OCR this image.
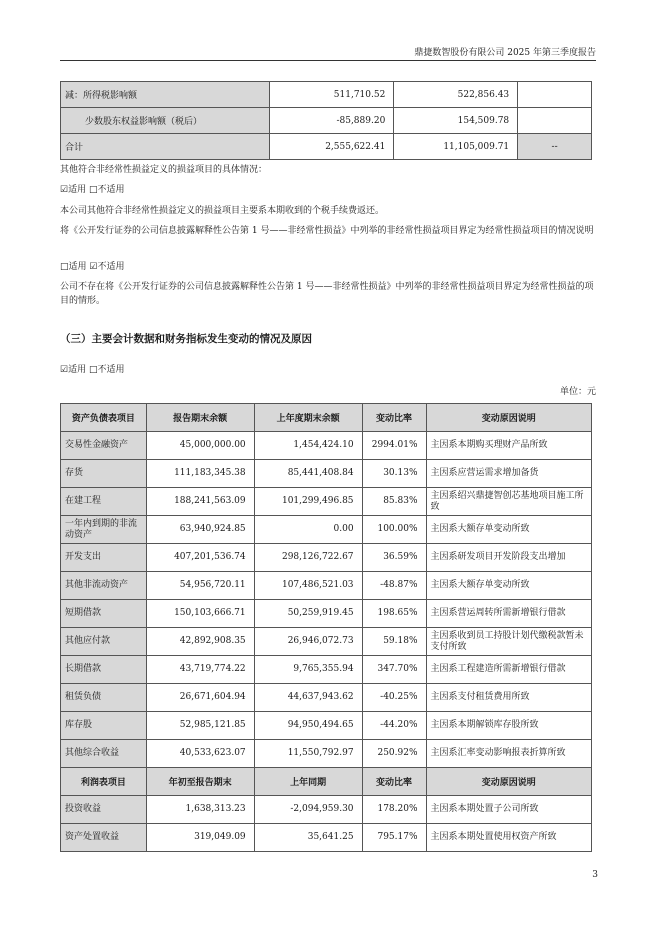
鼎捷数智股份有限公司 2025 年第三季度报告
减：所得税影响额	511,710.52	522,856.43	
少数股东权益影响额（税后）	-85,889.20	154,509.78	
合计	2,555,622.41	11,105,009.71	--
其他符合非经常性损益定义的损益项目的具体情况：
☑适用 □不适用
本公司其他符合非经常性损益定义的损益项目主要系本期收到的个税手续费返还。
将《公开发行证券的公司信息披露解释性公告第 1 号——非经常性损益》中列举的非经常性损益项目界定为经常性损益项目的情况说明
□适用 ☑不适用
公司不存在将《公开发行证券的公司信息披露解释性公告第 1 号——非经常性损益》中列举的非经常性损益项目界定为经常性损益的项目的情形。
（三）主要会计数据和财务指标发生变动的情况及原因
☑适用 □不适用
单位：元
资产负债表项目	报告期末余额	上年度期末余额	变动比率	变动原因说明
交易性金融资产	45,000,000.00	1,454,424.10	2994.01%	主因系本期购买理财产品所致
存货	111,183,345.38	85,441,408.84	30.13%	主因系应营运需求增加备货
在建工程	188,241,563.09	101,299,496.85	85.83%	主因系绍兴鼎捷智创芯基地项目施工所致
一年内到期的非流动资产	63,940,924.85	0.00	100.00%	主因系大额存单变动所致
开发支出	407,201,536.74	298,126,722.67	36.59%	主因系研发项目开发阶段支出增加
其他非流动资产	54,956,720.11	107,486,521.03	-48.87%	主因系大额存单变动所致
短期借款	150,103,666.71	50,259,919.45	198.65%	主因系营运周转所需新增银行借款
其他应付款	42,892,908.35	26,946,072.73	59.18%	主因系收到员工持股计划代缴税款暂未支付所致
长期借款	43,719,774.22	9,765,355.94	347.70%	主因系工程建造所需新增银行借款
租赁负债	26,671,604.94	44,637,943.62	-40.25%	主因系支付租赁费用所致
库存股	52,985,121.85	94,950,494.65	-44.20%	主因系本期解锁库存股所致
其他综合收益	40,533,623.07	11,550,792.97	250.92%	主因系汇率变动影响报表折算所致
利润表项目	年初至报告期末	上年同期	变动比率	变动原因说明
投资收益	1,638,313.23	-2,094,959.30	178.20%	主因系本期处置子公司所致
资产处置收益	319,049.09	35,641.25	795.17%	主因系本期处置使用权资产所致
3
